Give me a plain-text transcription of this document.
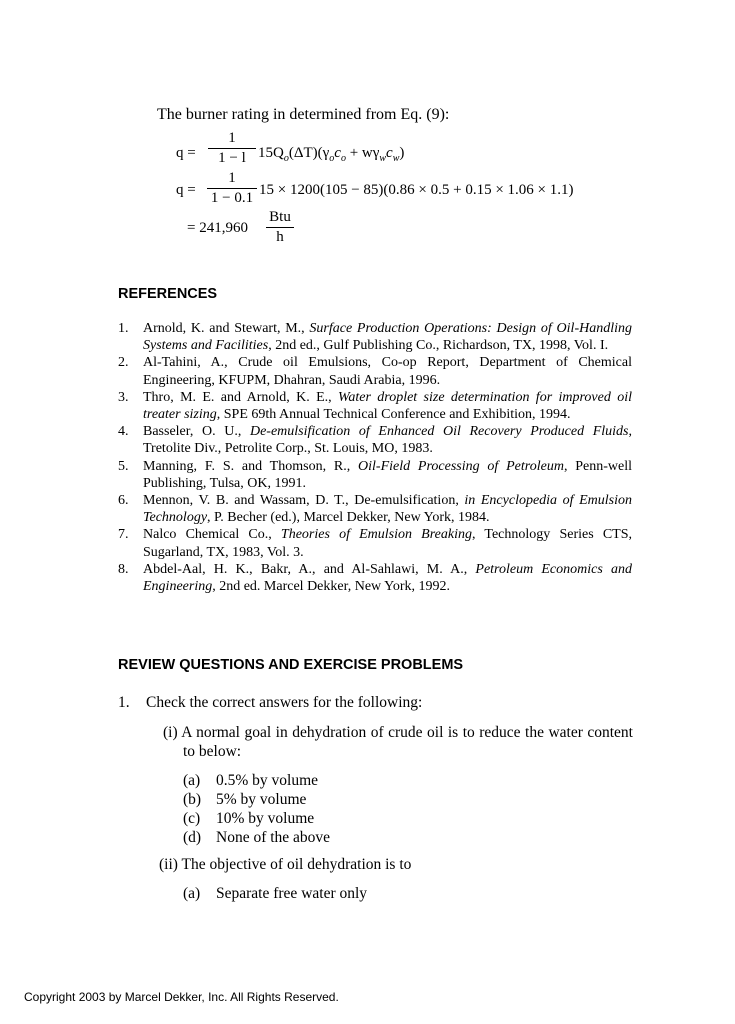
The burner rating in determined from Eq. (9):
q =
1
1 − l $15Q_o(\Delta T)(\gamma_oc_o + w\gamma_wc_w)$
q =
1
1 − 0.1 15 × 1200(105 − 85)(0.86 × 0.5 + 0.15 × 1.06 × 1.1)
= 241,960
Btu
h
REFERENCES
1. Arnold, K. and Stewart, M., Surface Production Operations: Design of Oil-Handling Systems and Facilities, 2nd ed., Gulf Publishing Co., Richardson, TX, 1998, Vol. I.
2. Al-Tahini, A., Crude oil Emulsions, Co-op Report, Department of Chemical Engineering, KFUPM, Dhahran, Saudi Arabia, 1996.
3. Thro, M. E. and Arnold, K. E., Water droplet size determination for improved oil treater sizing, SPE 69th Annual Technical Conference and Exhibition, 1994.
4. Basseler, O. U., De-emulsification of Enhanced Oil Recovery Produced Fluids, Tretolite Div., Petrolite Corp., St. Louis, MO, 1983.
5. Manning, F. S. and Thomson, R., Oil-Field Processing of Petroleum, Penn-well Publishing, Tulsa, OK, 1991.
6. Mennon, V. B. and Wassam, D. T., De-emulsification, in Encyclopedia of Emulsion Technology, P. Becher (ed.), Marcel Dekker, New York, 1984.
7. Nalco Chemical Co., Theories of Emulsion Breaking, Technology Series CTS, Sugarland, TX, 1983, Vol. 3.
8. Abdel-Aal, H. K., Bakr, A., and Al-Sahlawi, M. A., Petroleum Economics and Engineering, 2nd ed. Marcel Dekker, New York, 1992.
REVIEW QUESTIONS AND EXERCISE PROBLEMS
1. Check the correct answers for the following:
(i) A normal goal in dehydration of crude oil is to reduce the water content to below:
(a) 0.5% by volume
(b) 5% by volume
(c) 10% by volume
(d) None of the above
(ii) The objective of oil dehydration is to
(a) Separate free water only
Copyright 2003 by Marcel Dekker, Inc. All Rights Reserved.
